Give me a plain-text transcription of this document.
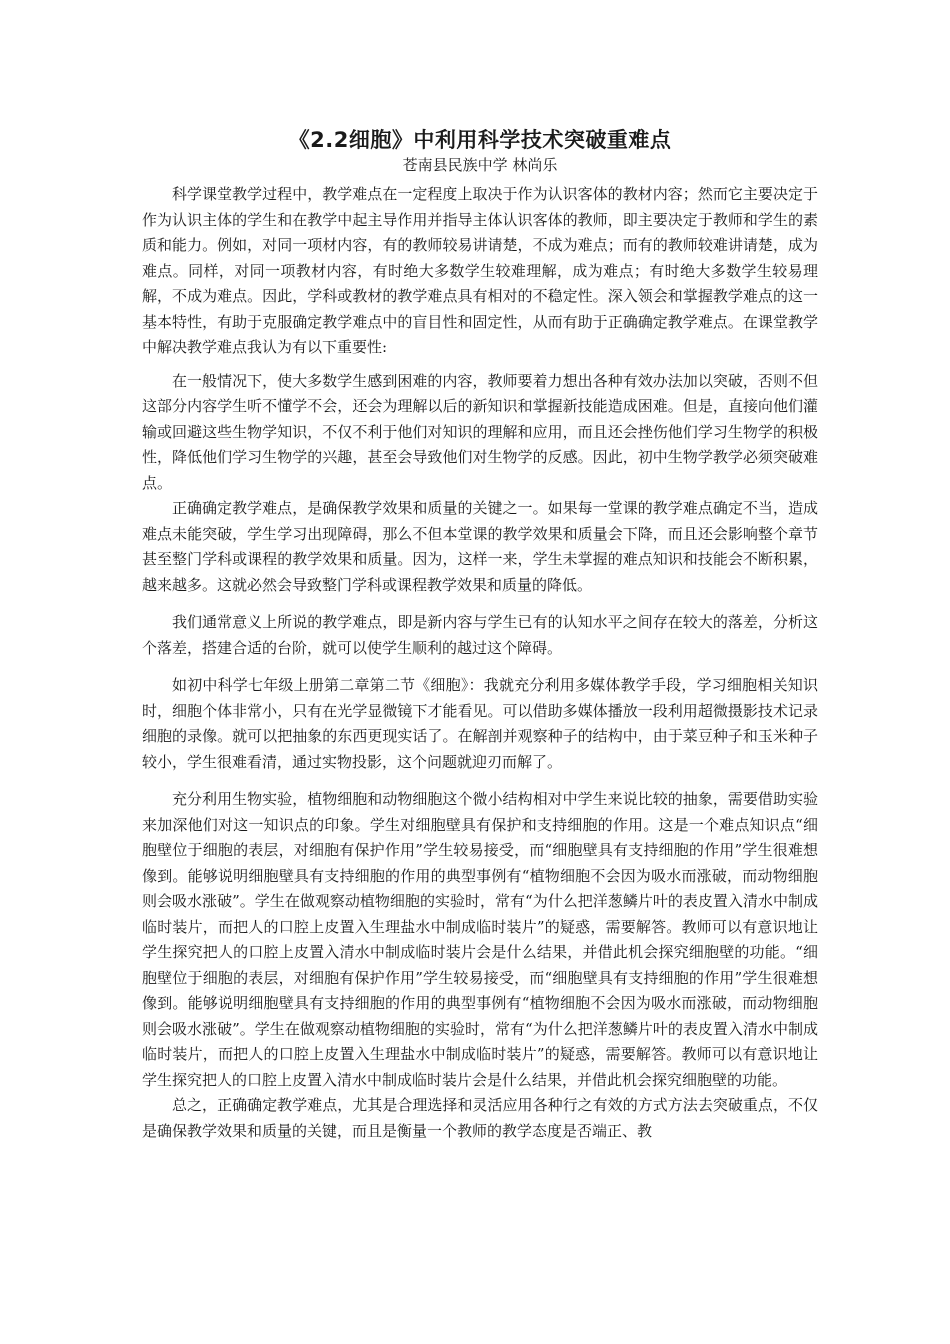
《2.2细胞》中利用科学技术突破重难点

苍南县民族中学 林尚乐

科学课堂教学过程中，教学难点在一定程度上取决于作为认识客体的教材内容；然而它主要决定于作为认识主体的学生和在教学中起主导作用并指导主体认识客体的教师，即主要决定于教师和学生的素质和能力。例如，对同一项材内容，有的教师较易讲请楚，不成为难点；而有的教师较难讲请楚，成为难点。同样，对同一项教材内容，有时绝大多数学生较难理解，成为难点；有时绝大多数学生较易理解，不成为难点。因此，学科或教材的教学难点具有相对的不稳定性。深入领会和掌握教学难点的这一基本特性，有助于克服确定教学难点中的盲目性和固定性，从而有助于正确确定教学难点。在课堂教学中解决教学难点我认为有以下重要性:

在一般情况下，使大多数学生感到困难的内容，教师要着力想出各种有效办法加以突破，否则不但这部分内容学生听不懂学不会，还会为理解以后的新知识和掌握新技能造成困难。但是，直接向他们灌输或回避这些生物学知识，不仅不利于他们对知识的理解和应用，而且还会挫伤他们学习生物学的积极性，降低他们学习生物学的兴趣，甚至会导致他们对生物学的反感。因此，初中生物学教学必须突破难点。

正确确定教学难点，是确保教学效果和质量的关键之一。如果每一堂课的教学难点确定不当，造成难点未能突破，学生学习出现障碍，那么不但本堂课的教学效果和质量会下降，而且还会影响整个章节甚至整门学科或课程的教学效果和质量。因为，这样一来，学生未掌握的难点知识和技能会不断积累，越来越多。这就必然会导致整门学科或课程教学效果和质量的降低。

我们通常意义上所说的教学难点，即是新内容与学生已有的认知水平之间存在较大的落差，分析这个落差，搭建合适的台阶，就可以使学生顺利的越过这个障碍。

如初中科学七年级上册第二章第二节《细胞》：我就充分利用多媒体教学手段，学习细胞相关知识时，细胞个体非常小，只有在光学显微镜下才能看见。可以借助多媒体播放一段利用超微摄影技术记录细胞的录像。就可以把抽象的东西更现实话了。在解剖并观察种子的结构中，由于菜豆种子和玉米种子较小，学生很难看清，通过实物投影，这个问题就迎刃而解了。

充分利用生物实验，植物细胞和动物细胞这个微小结构相对中学生来说比较的抽象，需要借助实验来加深他们对这一知识点的印象。学生对细胞壁具有保护和支持细胞的作用。这是一个难点知识点“细胞壁位于细胞的表层，对细胞有保护作用”学生较易接受，而“细胞壁具有支持细胞的作用”学生很难想像到。能够说明细胞壁具有支持细胞的作用的典型事例有“植物细胞不会因为吸水而涨破，而动物细胞则会吸水涨破”。学生在做观察动植物细胞的实验时，常有“为什么把洋葱鳞片叶的表皮置入清水中制成临时装片，而把人的口腔上皮置入生理盐水中制成临时装片”的疑惑，需要解答。教师可以有意识地让学生探究把人的口腔上皮置入清水中制成临时装片会是什么结果，并借此机会探究细胞壁的功能。“细胞壁位于细胞的表层，对细胞有保护作用”学生较易接受，而“细胞壁具有支持细胞的作用”学生很难想像到。能够说明细胞壁具有支持细胞的作用的典型事例有“植物细胞不会因为吸水而涨破，而动物细胞则会吸水涨破”。学生在做观察动植物细胞的实验时，常有“为什么把洋葱鳞片叶的表皮置入清水中制成临时装片，而把人的口腔上皮置入生理盐水中制成临时装片”的疑惑，需要解答。教师可以有意识地让学生探究把人的口腔上皮置入清水中制成临时装片会是什么结果，并借此机会探究细胞壁的功能。

总之，正确确定教学难点，尤其是合理选择和灵活应用各种行之有效的方式方法去突破重点，不仅是确保教学效果和质量的关键，而且是衡量一个教师的教学态度是否端正、教
